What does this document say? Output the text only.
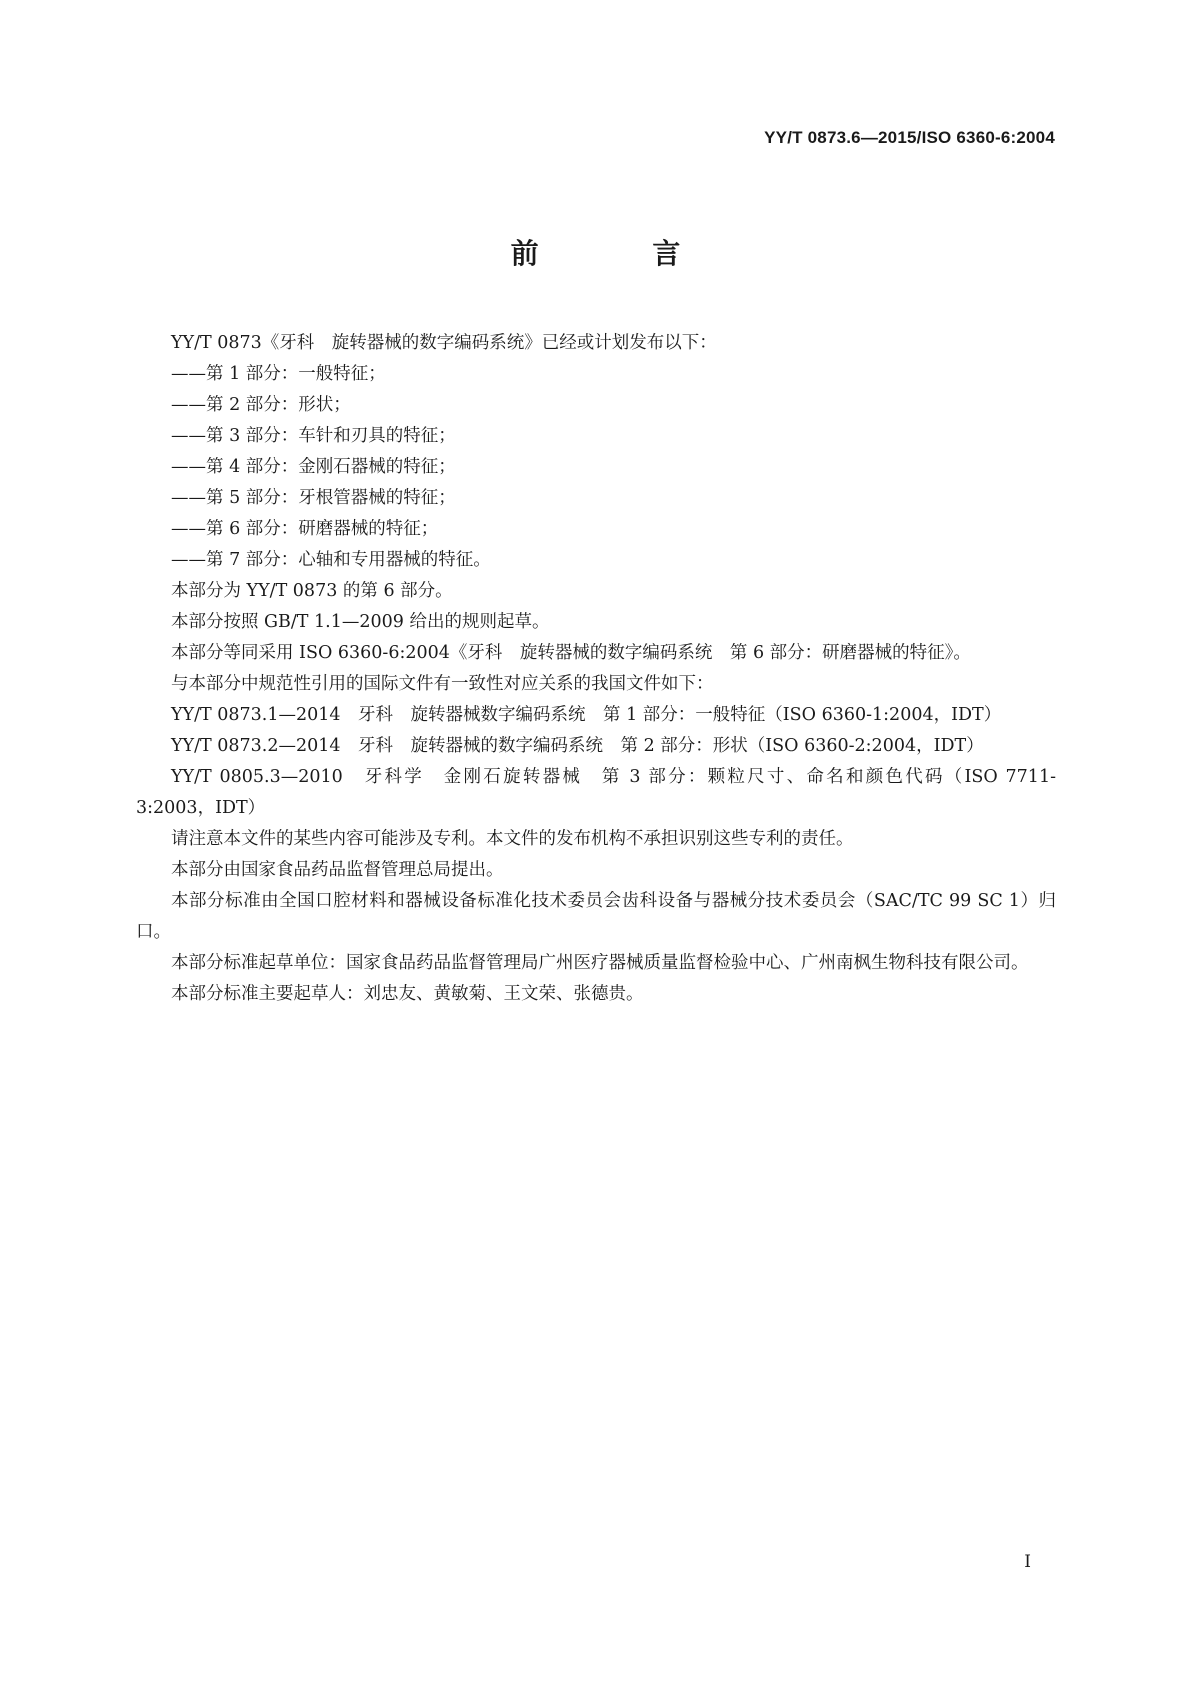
YY/T 0873.6—2015/ISO 6360-6:2004
前 言

YY/T 0873《牙科　旋转器械的数字编码系统》已经或计划发布以下：

——第 1 部分：一般特征；

——第 2 部分：形状；

——第 3 部分：车针和刃具的特征；

——第 4 部分：金刚石器械的特征；

——第 5 部分：牙根管器械的特征；

——第 6 部分：研磨器械的特征；

——第 7 部分：心轴和专用器械的特征。

本部分为 YY/T 0873 的第 6 部分。

本部分按照 GB/T 1.1—2009 给出的规则起草。

本部分等同采用 ISO 6360-6:2004《牙科　旋转器械的数字编码系统　第 6 部分：研磨器械的特征》。

与本部分中规范性引用的国际文件有一致性对应关系的我国文件如下：

YY/T 0873.1—2014　牙科　旋转器械数字编码系统　第 1 部分：一般特征（ISO 6360-1:2004，IDT）

YY/T 0873.2—2014　牙科　旋转器械的数字编码系统　第 2 部分：形状（ISO 6360-2:2004，IDT）

YY/T 0805.3—2010　牙科学　金刚石旋转器械　第 3 部分：颗粒尺寸、命名和颜色代码（ISO 7711-3:2003，IDT）

请注意本文件的某些内容可能涉及专利。本文件的发布机构不承担识别这些专利的责任。

本部分由国家食品药品监督管理总局提出。

本部分标准由全国口腔材料和器械设备标准化技术委员会齿科设备与器械分技术委员会（SAC/TC 99 SC 1）归口。

本部分标准起草单位：国家食品药品监督管理局广州医疗器械质量监督检验中心、广州南枫生物科技有限公司。

本部分标准主要起草人：刘忠友、黄敏菊、王文荣、张德贵。

I
